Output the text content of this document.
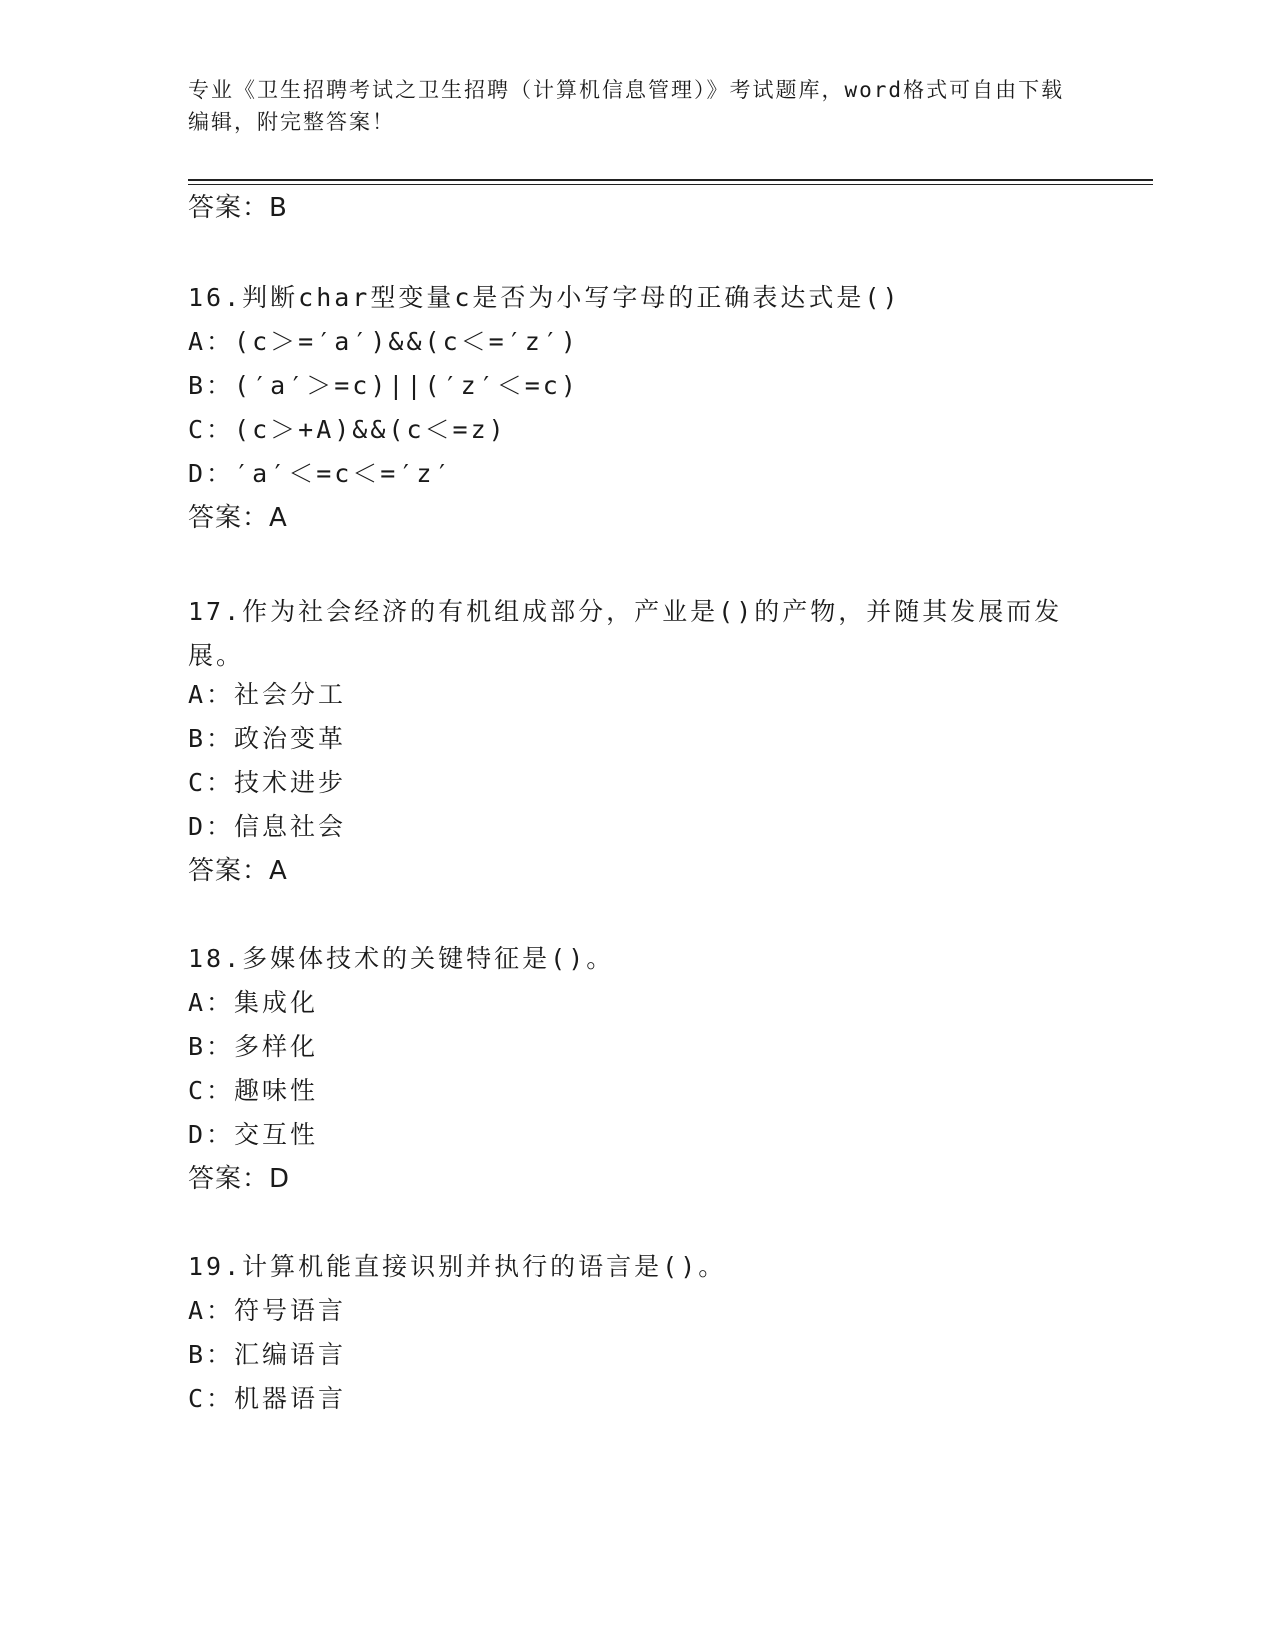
专业《卫生招聘考试之卫生招聘（计算机信息管理）》考试题库，word格式可自由下载编辑，附完整答案！
答案：B
16.判断char型变量c是否为小写字母的正确表达式是()
A：(c＞=′a′)&&(c＜=′z′)
B：(′a′＞=c)||(′z′＜=c)
C：(c＞+A)&&(c＜=z)
D：′a′＜=c＜=′z′
答案：A
17.作为社会经济的有机组成部分，产业是()的产物，并随其发展而发展。
A：社会分工
B：政治变革
C：技术进步
D：信息社会
答案：A
18.多媒体技术的关键特征是()。
A：集成化
B：多样化
C：趣味性
D：交互性
答案：D
19.计算机能直接识别并执行的语言是()。
A：符号语言
B：汇编语言
C：机器语言
